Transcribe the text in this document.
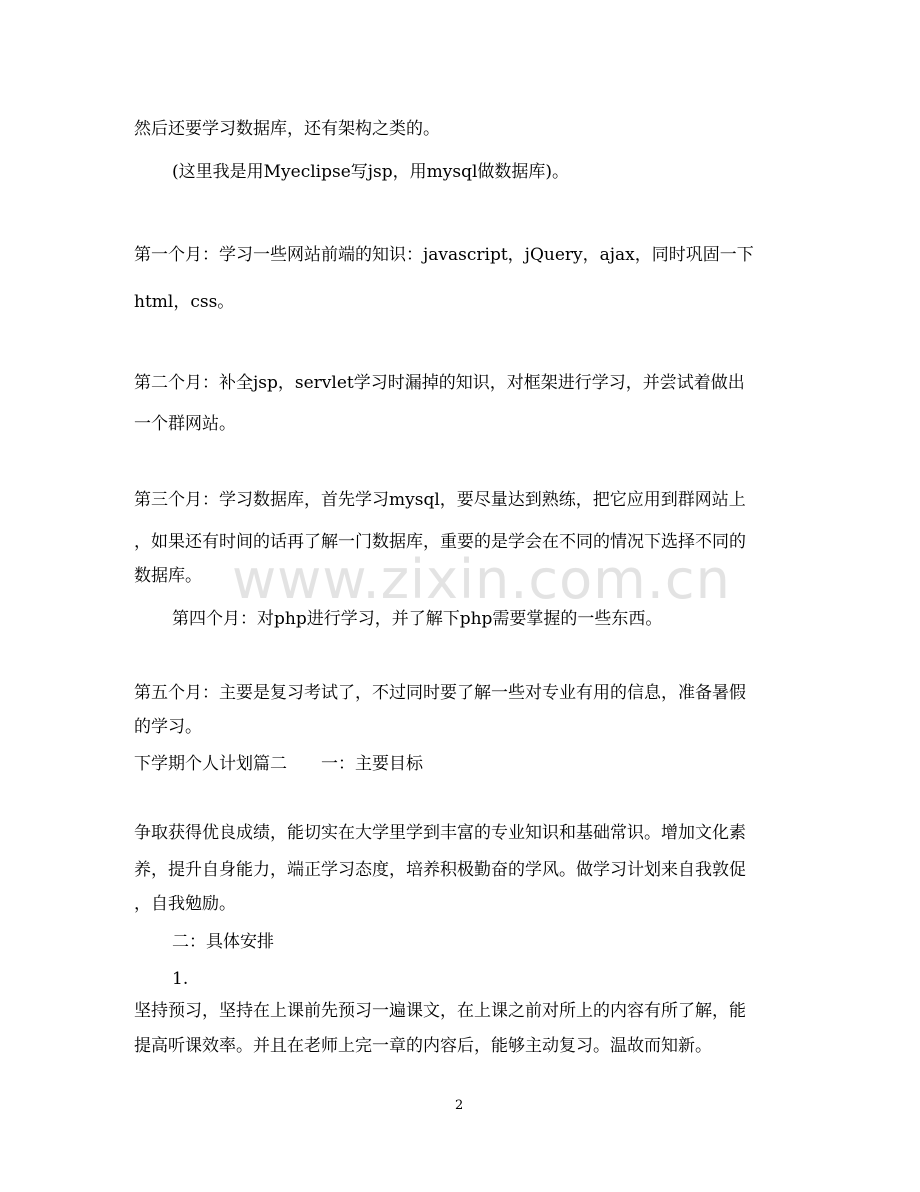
然后还要学习数据库，还有架构之类的。
(这里我是用Myeclipse写jsp，用mysql做数据库)。
第一个月：学习一些网站前端的知识：javascript，jQuery，ajax，同时巩固一下
html，css。
第二个月：补全jsp，servlet学习时漏掉的知识，对框架进行学习，并尝试着做出
一个群网站。
第三个月：学习数据库，首先学习mysql，要尽量达到熟练，把它应用到群网站上
，如果还有时间的话再了解一门数据库，重要的是学会在不同的情况下选择不同的
数据库。
第四个月：对php进行学习，并了解下php需要掌握的一些东西。
第五个月：主要是复习考试了，不过同时要了解一些对专业有用的信息，准备暑假
的学习。
下学期个人计划篇二　　一：主要目标
争取获得优良成绩，能切实在大学里学到丰富的专业知识和基础常识。增加文化素
养，提升自身能力，端正学习态度，培养积极勤奋的学风。做学习计划来自我敦促
，自我勉励。
二：具体安排
1.
坚持预习，坚持在上课前先预习一遍课文，在上课之前对所上的内容有所了解，能
提高听课效率。并且在老师上完一章的内容后，能够主动复习。温故而知新。
www.zixin.com.cn
2
